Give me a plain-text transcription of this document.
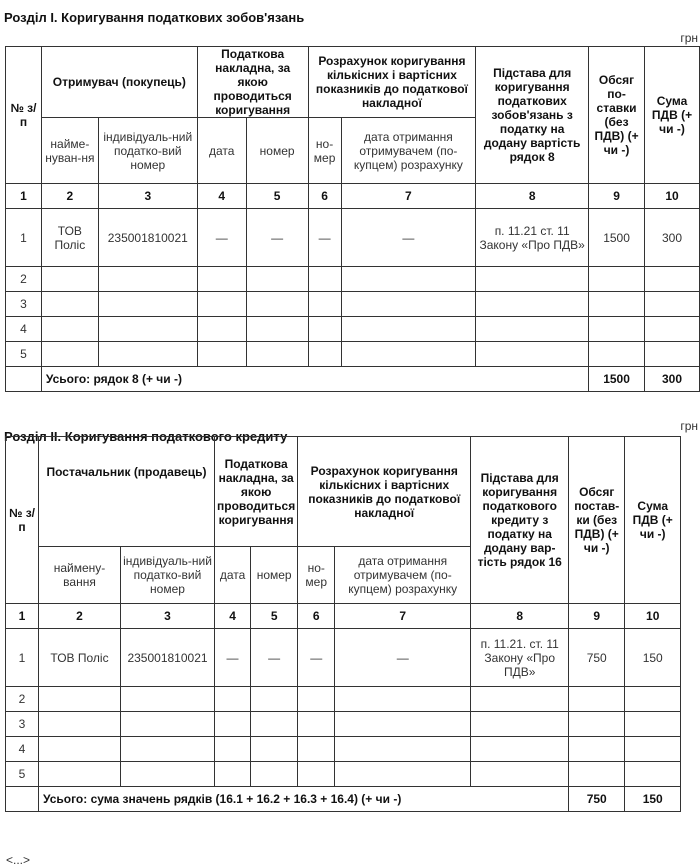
Розділ І. Коригування податкових зобов'язань
грн
№ з/п	Отримувач (покупець)		Податкова накладна, за якою проводиться коригування		Розрахунок коригування кількісних і вартісних показників до податкової накладної		Підстава для коригування податкових зобов'язань з податку на додану вартість рядок 8	Обсяг по-ставки (без ПДВ) (+ чи -)	Сума ПДВ (+ чи -)
	найме-нуван-ня	індивідуаль-ний податко-вий номер	дата	номер	но-мер	дата отримання отримувачем (по-купцем) розрахунку			
1	2	3	4	5	6	7	8	9	10
1	ТОВ Поліс	235001810021	—	—	—	—	п. 11.21 ст. 11 Закону «Про ПДВ»	1500	300
2									
3									
4									
5									
	Усього: рядок 8 (+ чи -)							1500	300
Розділ ІІ. Коригування податкового кредиту
грн
№ з/п	Постачальник (продавець)		Податкова накладна, за якою проводиться коригування		Розрахунок коригування кількісних і вартісних показників до податкової накладної		Підстава для коригування податкового кредиту з податку на додану вар-тість рядок 16	Обсяг постав-ки (без ПДВ) (+ чи -)	Сума ПДВ (+ чи -)
	наймену-вання	індивідуаль-ний податко-вий номер	дата	номер	но-мер	дата отримання отримувачем (по-купцем) розрахунку			
1	2	3	4	5	6	7	8	9	10
1	ТОВ Поліс	235001810021	—	—	—	—	п. 11.21. ст. 11 Закону «Про ПДВ»	750	150
2									
3									
4									
5									
	Усього: сума значень рядків (16.1 + 16.2 + 16.3 + 16.4) (+ чи -)							750	150
<...>
